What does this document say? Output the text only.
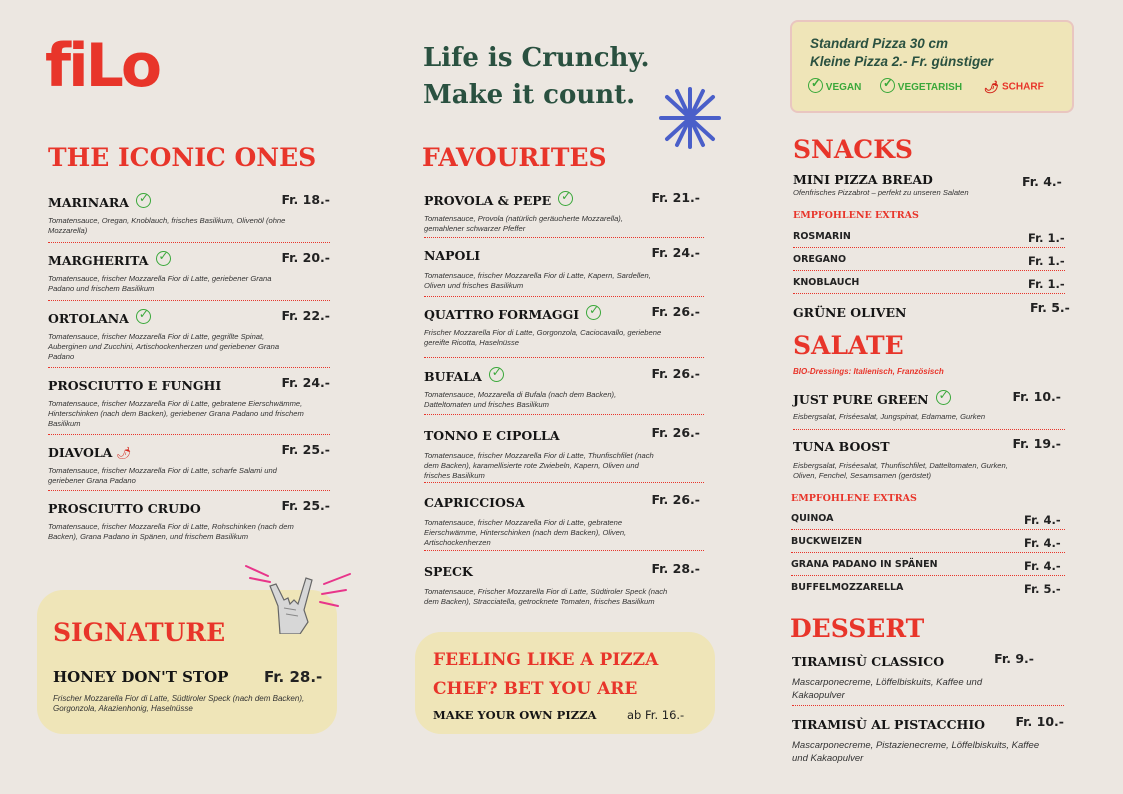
fiLo	Life is Crunchy.
Make it count.
Standard Pizza 30 cm
Kleine Pizza 2.- Fr. günstiger
✓ VEGAN ✓	VEGETARISH 🌶 SCHARF
THE ICONIC ONES
MARINARA ✓	Fr. 18.-
Tomatensauce, Oregan, Knoblauch, frisches Basilikum, Olivenöl (ohne Mozzarella)
MARGHERITA ✓	Fr. 20.-
Tomatensauce, frischer Mozzarella Fior di Latte, geriebener Grana Padano und frischem Basilikum
ORTOLANA ✓	Fr. 22.-
Tomatensauce, frischer Mozzarella Fior di Latte, gegrillte Spinat, Auberginen und Zucchini, Artischockenherzen und geriebener Grana Padano
PROSCIUTTO E FUNGHI	Fr. 24.-
Tomatensauce, frischer Mozzarella Fior di Latte, gebratene Eierschwämme, Hinterschinken (nach dem Backen), geriebener Grana Padano und frischem Basilikum
DIAVOLA 🌶	Fr. 25.-
Tomatensauce, frischer Mozzarella Fior di Latte, scharfe Salami und geriebener Grana Padano
PROSCIUTTO CRUDO	Fr. 25.-
Tomatensauce, frischer Mozzarella Fior di Latte, Rohschinken (nach dem Backen), Grana Padano in Spänen, und frischem Basilikum
SIGNATURE
HONEY DON'T STOP Fr. 28.-
Frischer Mozzarella Fior di Latte, Südtiroler Speck (nach dem Backen), Gorgonzola, Akazienhonig, Haselnüsse
FAVOURITES
PROVOLA & PEPE ✓	Fr. 21.-
Tomatensauce, Provola (natürlich geräucherte Mozzarella), gemahlener schwarzer Pfeffer
NAPOLI	Fr. 24.-
Tomatensauce, frischer Mozzarella Fior di Latte, Kapern, Sardellen, Oliven und frisches Basilikum
QUATTRO FORMAGGI ✓	Fr. 26.-
Frischer Mozzarella Fior di Latte, Gorgonzola, Caciocavallo, geriebene gereifte Ricotta, Haselnüsse
BUFALA ✓	Fr. 26.-
Tomatensauce, Mozzarella di Bufala (nach dem Backen), Datteltomaten und frisches Basilikum
TONNO E CIPOLLA	Fr. 26.-
Tomatensauce, frischer Mozzarella Fior di Latte, Thunfischfilet (nach dem Backen), karamellisierte rote Zwiebeln, Kapern, Oliven und frisches Basilikum
CAPRICCIOSA	Fr. 26.-
Tomatensauce, frischer Mozzarella Fior di Latte, gebratene Eierschwämme, Hinterschinken (nach dem Backen), Oliven, Artischockenherzen
SPECK	Fr. 28.-
Tomatensauce, Frischer Mozzarella Fior di Latte, Südtiroler Speck (nach dem Backen), Stracciatella, getrocknete Tomaten, frisches Basilikum
FEELING LIKE A PIZZA
CHEF? BET YOU ARE
MAKE YOUR OWN PIZZA	ab Fr. 16.-
SNACKS
MINI PIZZA BREAD	Fr. 4.-
Ofenfrisches Pizzabrot – perfekt zu unseren Salaten
EMPFOHLENE EXTRAS
ROSMARIN	Fr. 1.-
OREGANO	Fr. 1.-
KNOBLAUCH	Fr. 1.-
GRÜNE OLIVEN	Fr. 5.-
SALATE
BIO-Dressings: Italienisch, Französisch
JUST PURE GREEN ✓	Fr. 10.-
Eisbergsalat, Friséesalat, Jungspinat, Edamame, Gurken
TUNA BOOST	Fr. 19.-
Eisbergsalat, Friséesalat, Thunfischfilet, Datteltomaten, Gurken, Oliven, Fenchel, Sesamsamen (geröstet)
EMPFOHLENE EXTRAS
QUINOA	Fr. 4.-
BUCKWEIZEN	Fr. 4.-
GRANA PADANO IN SPÄNEN	Fr. 4.-
BUFFELMOZZARELLA	Fr. 5.-
DESSERT
TIRAMISÙ CLASSICO	Fr. 9.-
Mascarponecreme, Löffelbiskuits, Kaffee und Kakaopulver
TIRAMISÙ AL PISTACCHIO Fr. 10.-
Mascarponecreme, Pistazienecreme, Löffelbiskuits, Kaffee und Kakaopulver
